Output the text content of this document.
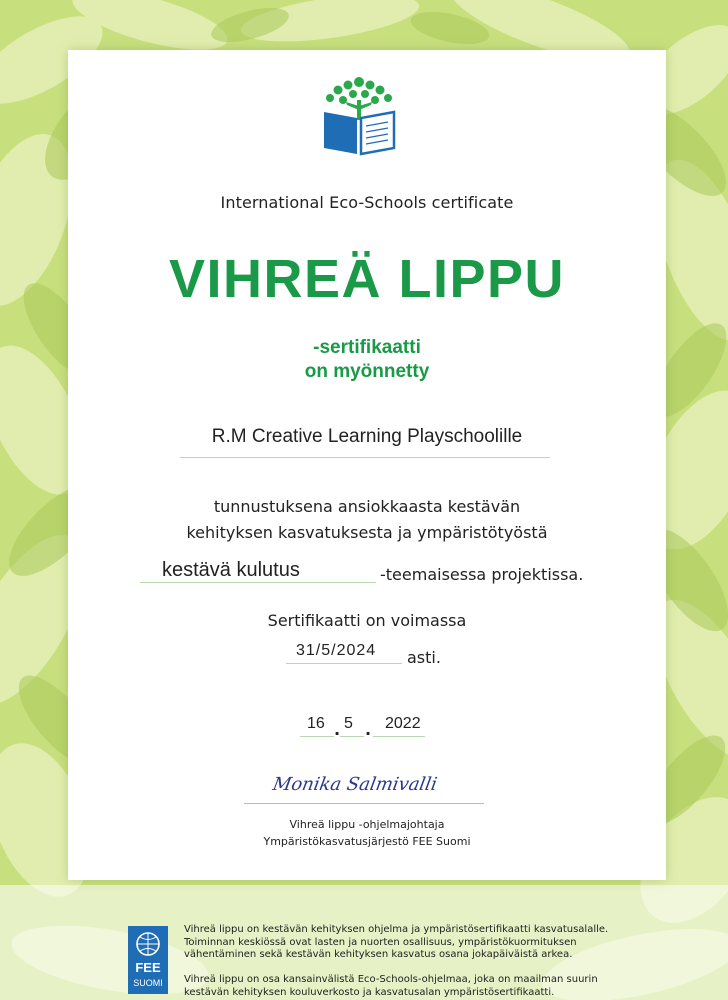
International Eco-Schools certificate
VIHREÄ LIPPU
-sertifikaatti
on myönnetty
R.M Creative Learning Playschoolille
tunnustuksena ansiokkaasta kestävän
kehityksen kasvatuksesta ja ympäristötyöstä
kestävä kulutus	-teemaisessa projektissa.
Sertifikaatti on voimassa
31/5/2024 asti.
16 . 5 . 2022
Monika Salmivalli
Vihreä lippu -ohjelmajohtaja
Ympäristökasvatusjärjestö FEE Suomi
FEE
SUOMI
Vihreä lippu on kestävän kehityksen ohjelma ja ympäristösertifikaatti kasvatusalalle.
Toiminnan keskiössä ovat lasten ja nuorten osallisuus, ympäristökuormituksen
vähentäminen sekä kestävän kehityksen kasvatus osana jokapäiväistä arkea.
Vihreä lippu on osa kansainvälistä Eco-Schools-ohjelmaa, joka on maailman suurin
kestävän kehityksen kouluverkosto ja kasvatusalan ympäristösertifikaatti.
